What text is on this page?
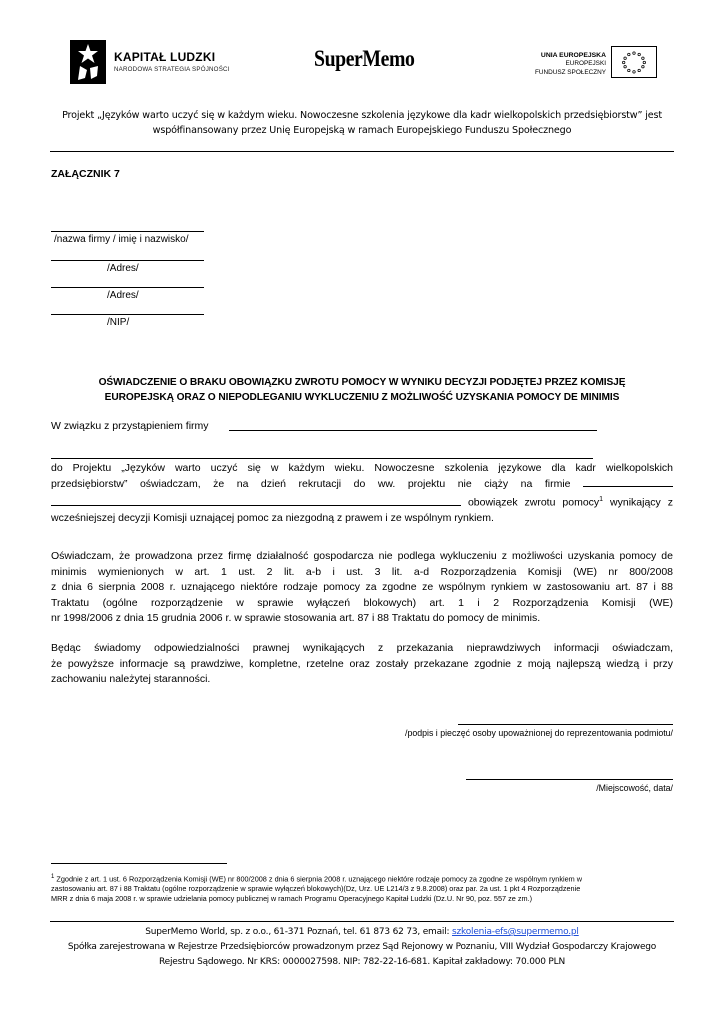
KAPITAŁ LUDZKI
NARODOWA STRATEGIA SPÓJNOŚCI	SuperMemo	UNIA EUROPEJSKA
EUROPEJSKI
FUNDUSZ SPOŁECZNY
Projekt „Języków warto uczyć się w każdym wieku. Nowoczesne szkolenia językowe dla kadr wielkopolskich przedsiębiorstw” jest
współfinansowany przez Unię Europejską w ramach Europejskiego Funduszu Społecznego
ZAŁĄCZNIK 7
/nazwa firmy / imię i nazwisko/
/Adres/
/Adres/
/NIP/
OŚWIADCZENIE O BRAKU OBOWIĄZKU ZWROTU POMOCY W WYNIKU DECYZJI PODJĘTEJ PRZEZ KOMISJĘ
EUROPEJSKĄ ORAZ O NIEPODLEGANIU WYKLUCZENIU Z MOŻLIWOŚĆ UZYSKANIA POMOCY DE MINIMIS
W związku z przystąpieniem firmy
do Projektu „Języków warto uczyć się w każdym wieku. Nowoczesne szkolenia językowe dla kadr wielkopolskich
przedsiębiorstw” oświadczam, że na dzień rekrutacji do ww. projektu nie ciąży na firmie
obowiązek zwrotu pomocy$^1$ wynikający z
wcześniejszej decyzji Komisji uznającej pomoc za niezgodną z prawem i ze wspólnym rynkiem.
Oświadczam, że prowadzona przez firmę działalność gospodarcza nie podlega wykluczeniu z możliwości uzyskania pomocy de
minimis wymienionych w art. 1 ust. 2 lit. a-b i ust. 3 lit. a-d Rozporządzenia Komisji (WE) nr 800/2008
z dnia 6 sierpnia 2008 r. uznającego niektóre rodzaje pomocy za zgodne ze wspólnym rynkiem w zastosowaniu art. 87 i 88
Traktatu (ogólne rozporządzenie w sprawie wyłączeń blokowych) art. 1 i 2 Rozporządzenia Komisji (WE)
nr 1998/2006 z dnia 15 grudnia 2006 r. w sprawie stosowania art. 87 i 88 Traktatu do pomocy de minimis.
Będąc świadomy odpowiedzialności prawnej wynikających z przekazania nieprawdziwych informacji oświadczam,
że powyższe informacje są prawdziwe, kompletne, rzetelne oraz zostały przekazane zgodnie z moją najlepszą wiedzą i przy
zachowaniu należytej staranności.
/podpis i pieczęć osoby upoważnionej do reprezentowania podmiotu/
/Miejscowość, data/
$^1$ Zgodnie z art. 1 ust. 6 Rozporządzenia Komisji (WE) nr 800/2008 z dnia 6 sierpnia 2008 r. uznającego niektóre rodzaje pomocy za zgodne ze wspólnym rynkiem w
zastosowaniu art. 87 i 88 Traktatu (ogólne rozporządzenie w sprawie wyłączeń blokowych)(Dz, Urz. UE L214/3 z 9.8.2008) oraz par. 2a ust. 1 pkt 4 Rozporządzenie
MRR z dnia 6 maja 2008 r. w sprawie udzielania pomocy publicznej w ramach Programu Operacyjnego Kapitał Ludzki (Dz.U. Nr 90, poz. 557 ze zm.)
SuperMemo World, sp. z o.o., 61-371 Poznań, tel. 61 873 62 73, email: szkolenia-efs@supermemo.pl
Spółka zarejestrowana w Rejestrze Przedsiębiorców prowadzonym przez Sąd Rejonowy w Poznaniu, VIII Wydział Gospodarczy Krajowego
Rejestru Sądowego. Nr KRS: 0000027598. NIP: 782-22-16-681. Kapitał zakładowy: 70.000 PLN
